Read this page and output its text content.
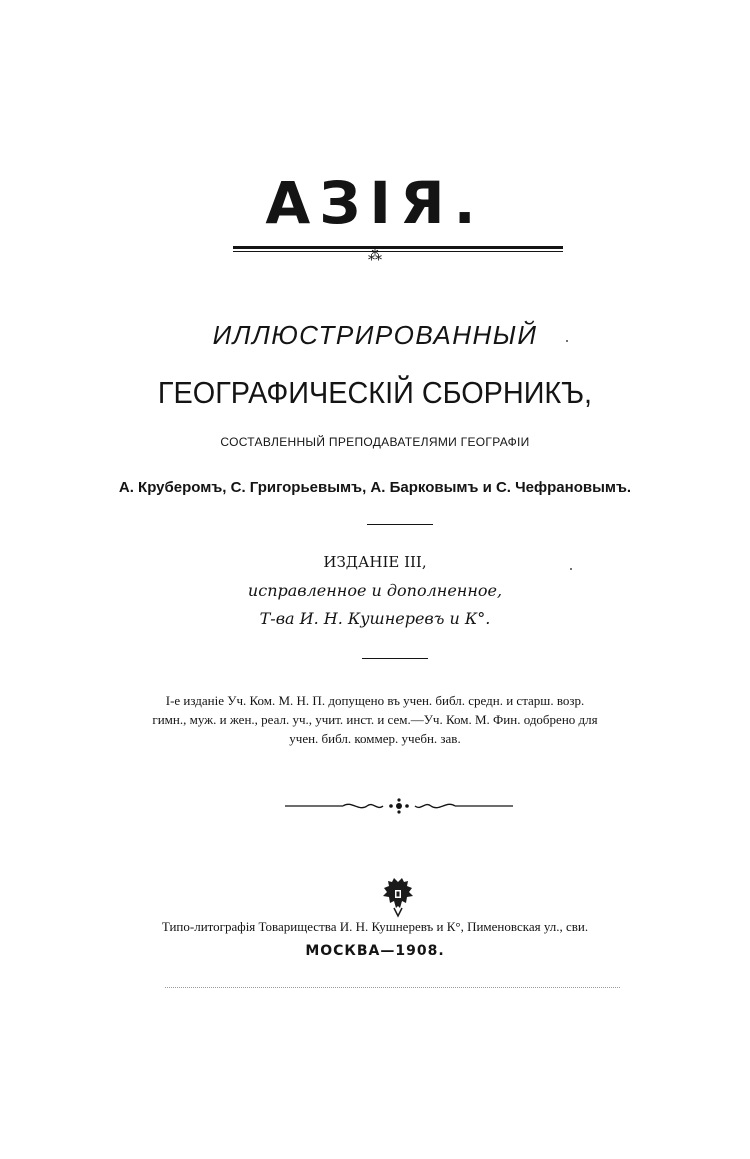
АЗІЯ.
⁂
ИЛЛЮСТРИРОВАННЫЙ
ГЕОГРАФИЧЕСКІЙ СБОРНИКЪ,
СОСТАВЛЕННЫЙ ПРЕПОДАВАТЕЛЯМИ ГЕОГРАФІИ
А. Круберомъ, С. Григорьевымъ, А. Барковымъ и С. Чефрановымъ.
ИЗДАНІЕ III,
исправленное и дополненное,
Т-ва И. Н. Кушнеревъ и К°.
I-е изданіе Уч. Ком. М. Н. П. допущено въ учен. библ. средн. и старш. возр.
гимн., муж. и жен., реал. уч., учит. инст. и сем.—Уч. Ком. М. Фин. одобрено для
учен. библ. коммер. учебн. зав.
Типо-литографія Товарищества И. Н. Кушнеревъ и К°, Пименовская ул., сви.
МОСКВА—1908.
